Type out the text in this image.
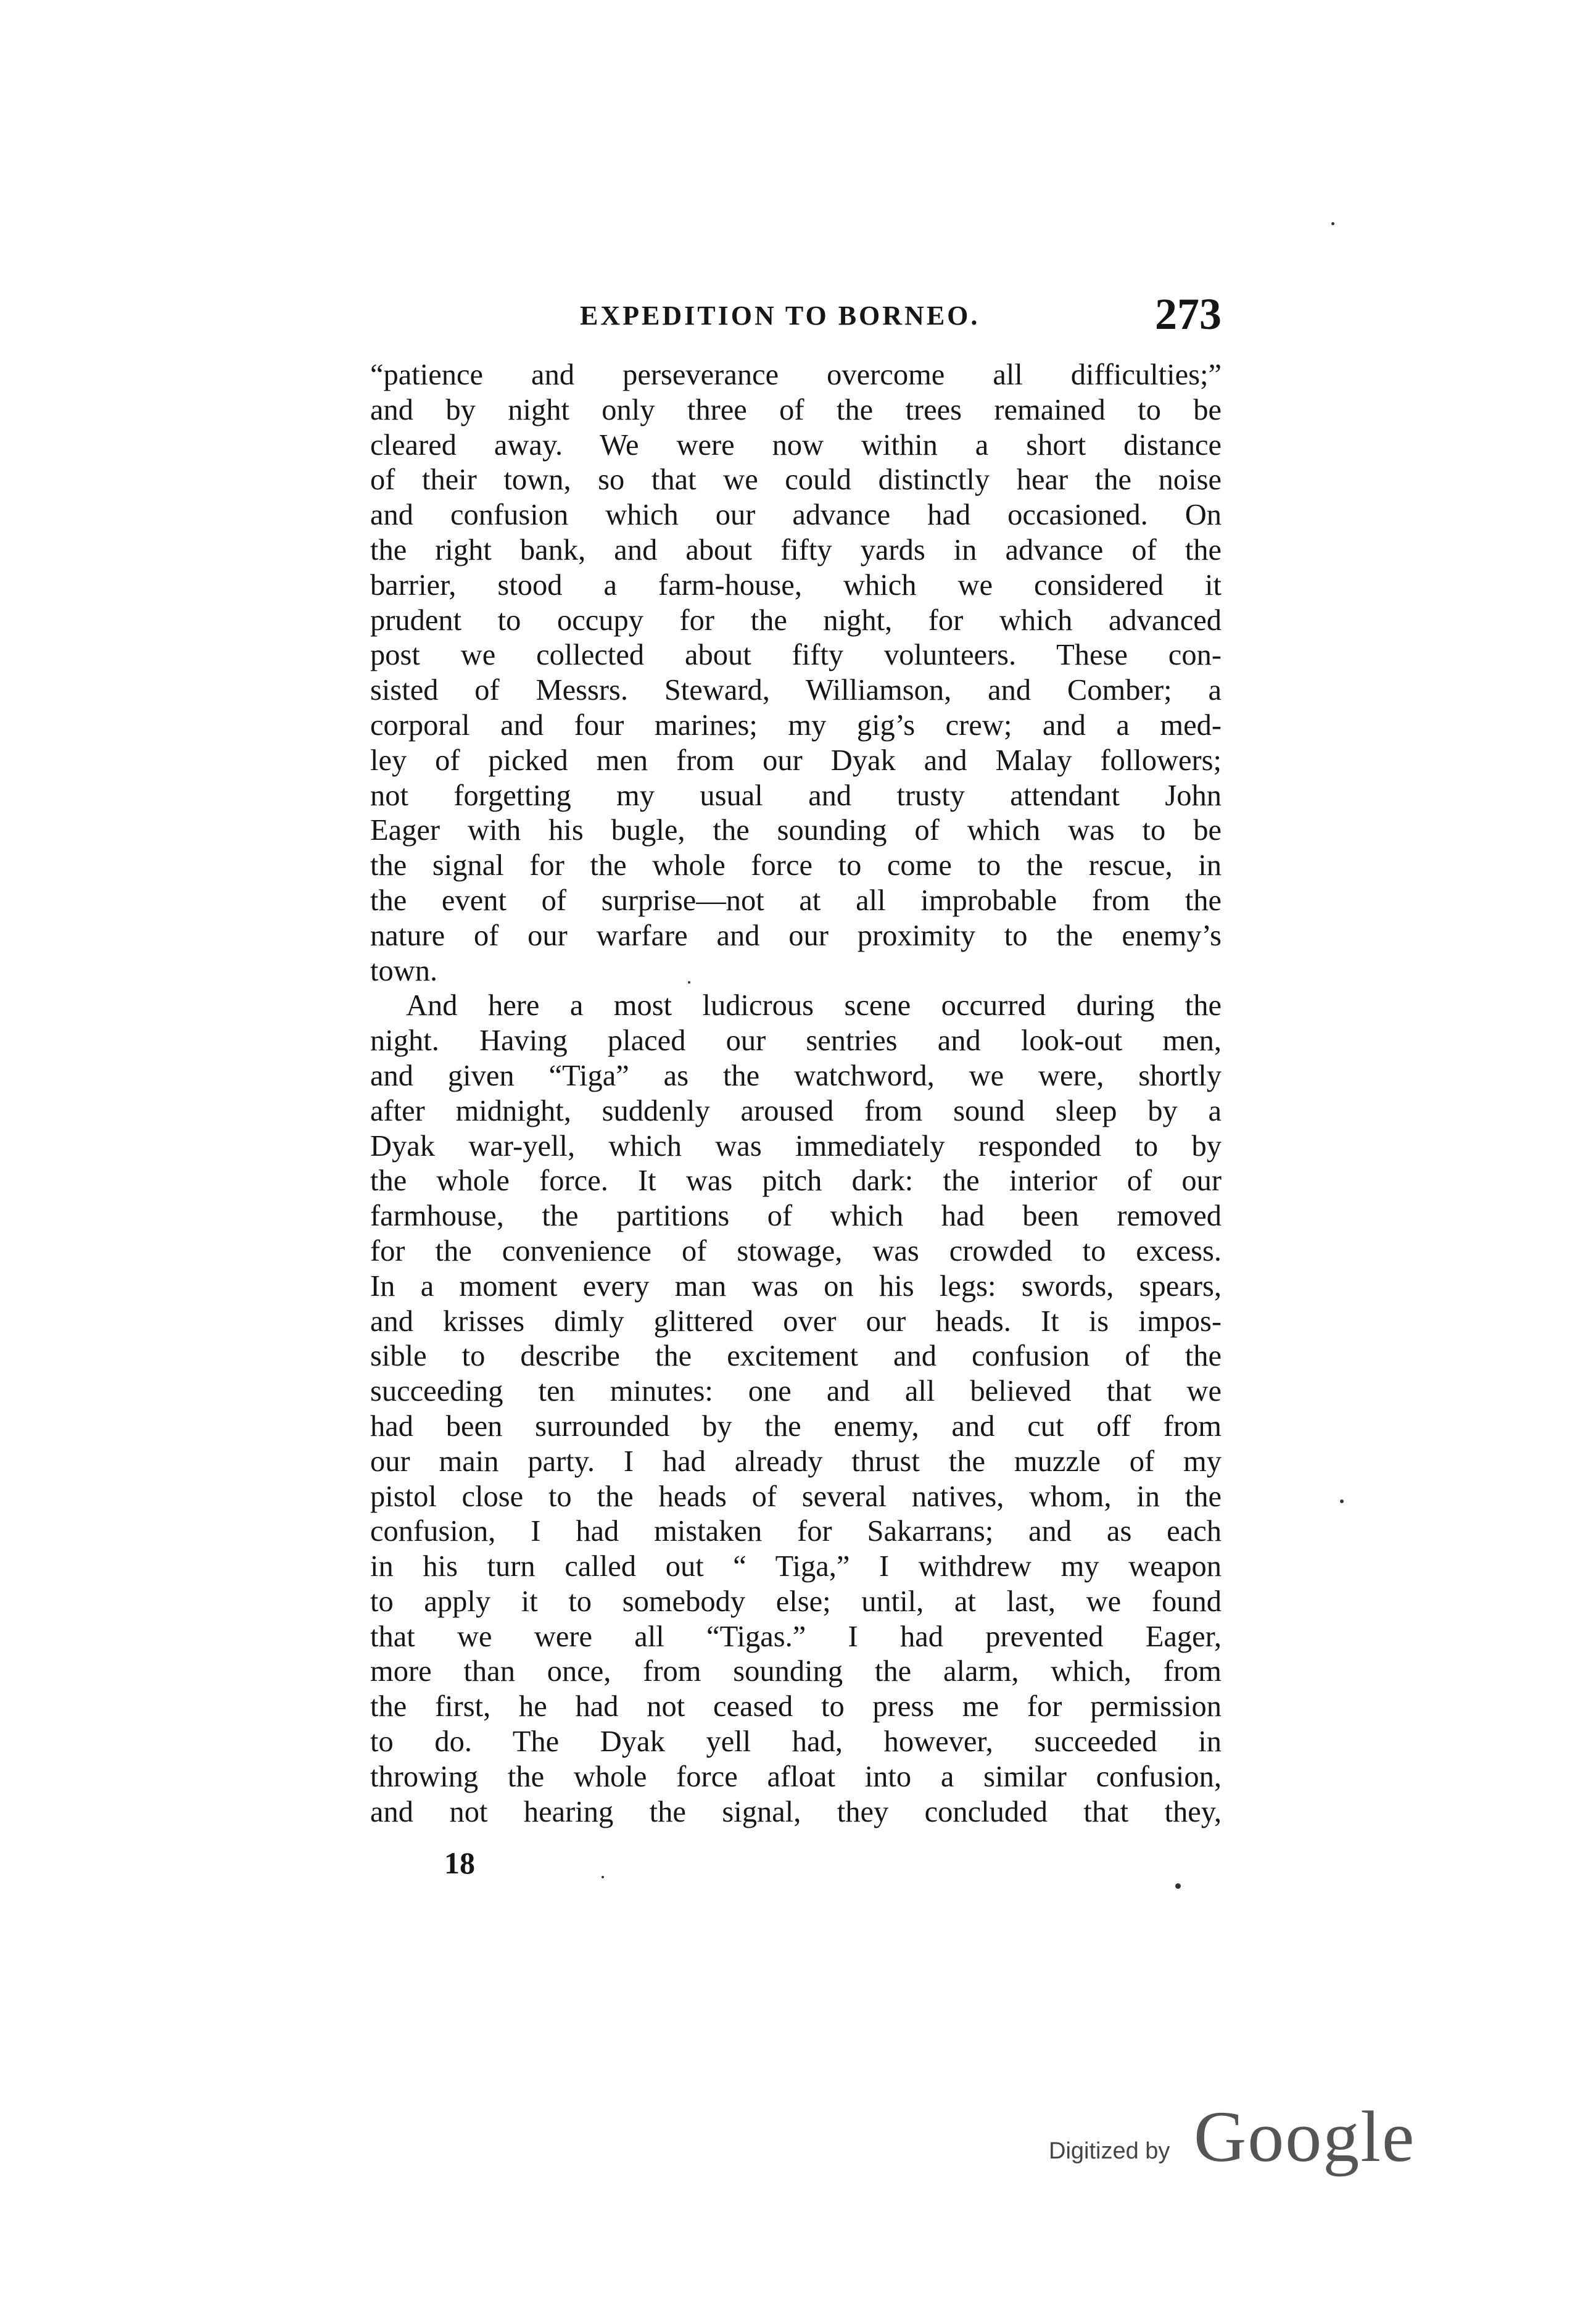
EXPEDITION TO BORNEO.	273
“patience and perseverance overcome all difficulties;”
and by night only three of the trees remained to be
cleared away. We were now within a short distance
of their town, so that we could distinctly hear the noise
and confusion which our advance had occasioned. On
the right bank, and about fifty yards in advance of the
barrier, stood a farm-house, which we considered it
prudent to occupy for the night, for which advanced
post we collected about fifty volunteers. These con-
sisted of Messrs. Steward, Williamson, and Comber; a
corporal and four marines; my gig’s crew; and a med-
ley of picked men from our Dyak and Malay followers;
not forgetting my usual and trusty attendant John
Eager with his bugle, the sounding of which was to be
the signal for the whole force to come to the rescue, in
the event of surprise—not at all improbable from the
nature of our warfare and our proximity to the enemy’s
town.
And here a most ludicrous scene occurred during the
night. Having placed our sentries and look-out men,
and given “Tiga” as the watchword, we were, shortly
after midnight, suddenly aroused from sound sleep by a
Dyak war-yell, which was immediately responded to by
the whole force. It was pitch dark: the interior of our
farmhouse, the partitions of which had been removed
for the convenience of stowage, was crowded to excess.
In a moment every man was on his legs: swords, spears,
and krisses dimly glittered over our heads. It is impos-
sible to describe the excitement and confusion of the
succeeding ten minutes: one and all believed that we
had been surrounded by the enemy, and cut off from
our main party. I had already thrust the muzzle of my
pistol close to the heads of several natives, whom, in the
confusion, I had mistaken for Sakarrans; and as each
in his turn called out “ Tiga,” I withdrew my weapon
to apply it to somebody else; until, at last, we found
that we were all “Tigas.” I had prevented Eager,
more than once, from sounding the alarm, which, from
the first, he had not ceased to press me for permission
to do. The Dyak yell had, however, succeeded in
throwing the whole force afloat into a similar confusion,
and not hearing the signal, they concluded that they,
18
Digitized by Google
